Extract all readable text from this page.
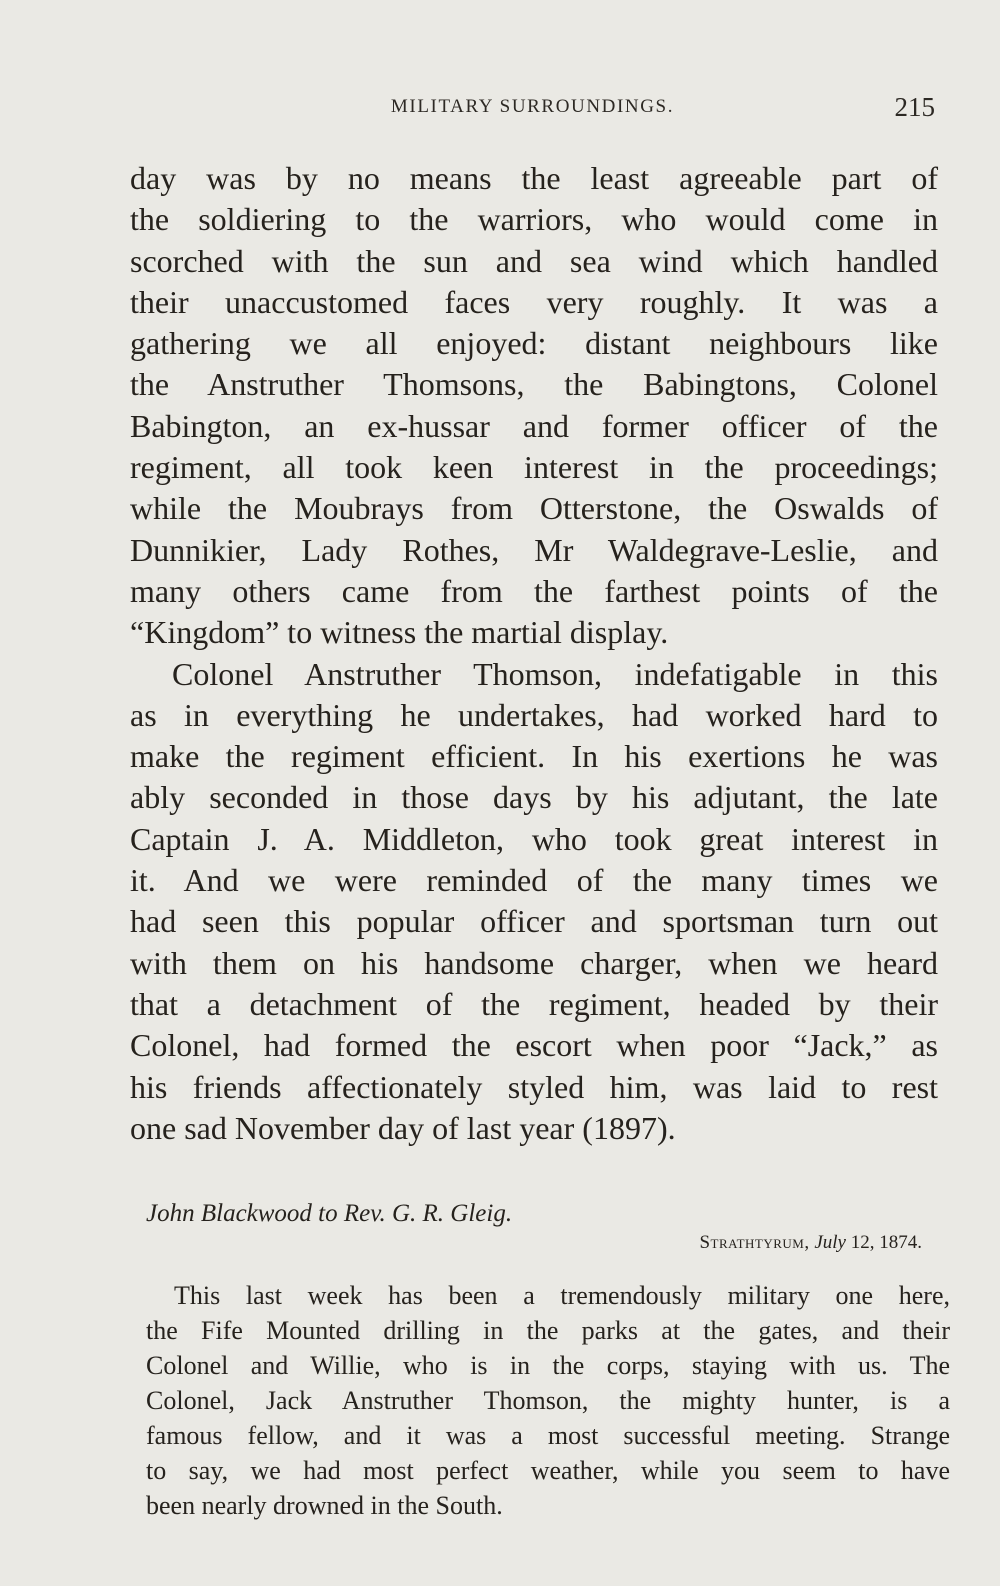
MILITARY SURROUNDINGS.	215
day was by no means the least agreeable part of
the soldiering to the warriors, who would come in
scorched with the sun and sea wind which handled
their unaccustomed faces very roughly. It was a
gathering we all enjoyed: distant neighbours like
the Anstruther Thomsons, the Babingtons, Colonel
Babington, an ex-hussar and former officer of the
regiment, all took keen interest in the proceedings;
while the Moubrays from Otterstone, the Oswalds of
Dunnikier, Lady Rothes, Mr Waldegrave-Leslie, and
many others came from the farthest points of the
“Kingdom” to witness the martial display.
Colonel Anstruther Thomson, indefatigable in this
as in everything he undertakes, had worked hard to
make the regiment efficient. In his exertions he was
ably seconded in those days by his adjutant, the late
Captain J. A. Middleton, who took great interest in
it. And we were reminded of the many times we
had seen this popular officer and sportsman turn out
with them on his handsome charger, when we heard
that a detachment of the regiment, headed by their
Colonel, had formed the escort when poor “Jack,” as
his friends affectionately styled him, was laid to rest
one sad November day of last year (1897).
John Blackwood to Rev. G. R. Gleig.
Strathtyrum, July 12, 1874.
This last week has been a tremendously military one here,
the Fife Mounted drilling in the parks at the gates, and their
Colonel and Willie, who is in the corps, staying with us. The
Colonel, Jack Anstruther Thomson, the mighty hunter, is a
famous fellow, and it was a most successful meeting. Strange
to say, we had most perfect weather, while you seem to have
been nearly drowned in the South.
